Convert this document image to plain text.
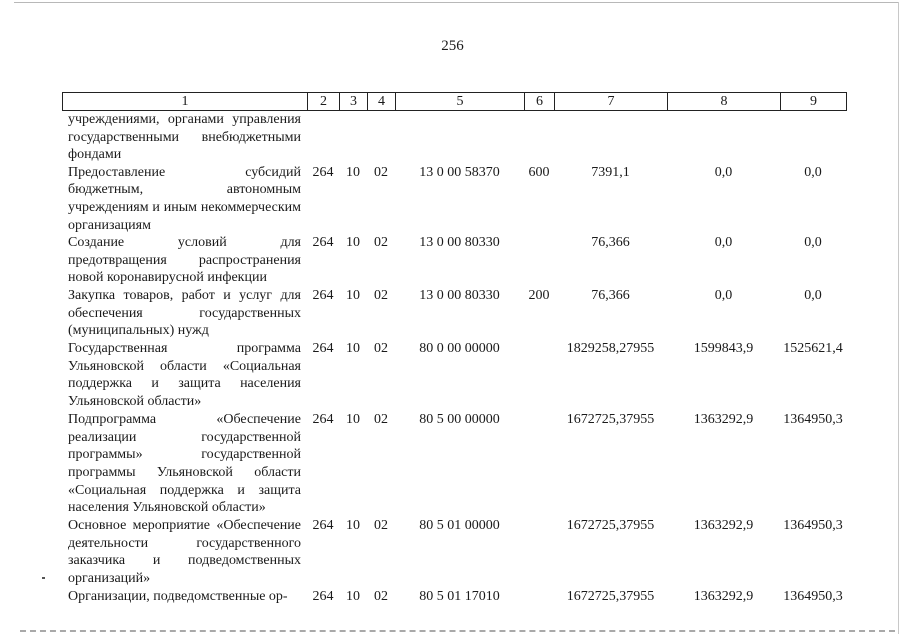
256
1	2	3	4	5	6	7	8	9
учреждениями, органами управления государственными внебюджетными фондами								
Предоставление субсидий бюджетным, автономным учреждениям и иным некоммерческим организациям	264	10	02	13 0 00 58370	600	7391,1	0,0	0,0
Создание условий для предотвращения распространения новой коронавирусной инфекции	264	10	02	13 0 00 80330		76,366	0,0	0,0
Закупка товаров, работ и услуг для обеспечения государственных (муниципальных) нужд	264	10	02	13 0 00 80330	200	76,366	0,0	0,0
Государственная программа Ульяновской области «Социальная поддержка и защита населения Ульяновской области»	264	10	02	80 0 00 00000		1829258,27955	1599843,9	1525621,4
Подпрограмма «Обеспечение реализации государственной программы» государственной программы Ульяновской области «Социальная поддержка и защита населения Ульяновской области»	264	10	02	80 5 00 00000		1672725,37955	1363292,9	1364950,3
Основное мероприятие «Обеспечение деятельности государственного заказчика и подведомственных организаций»	264	10	02	80 5 01 00000		1672725,37955	1363292,9	1364950,3
Организации, подведомственные ор-	264	10	02	80 5 01 17010		1672725,37955	1363292,9	1364950,3
